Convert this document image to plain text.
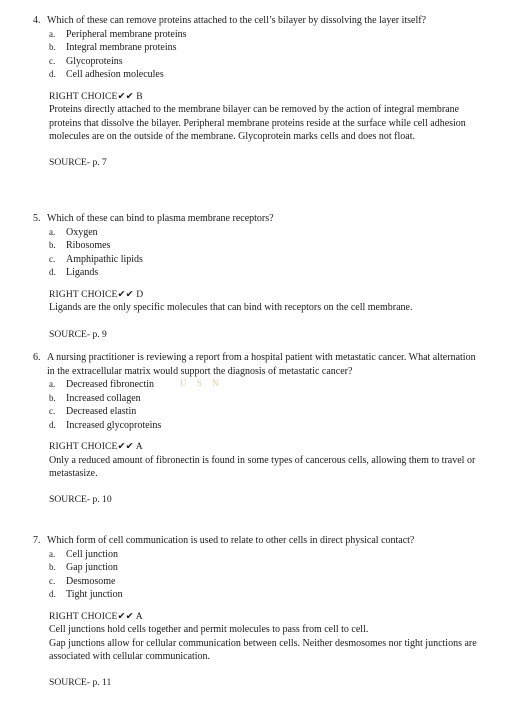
4. Which of these can remove proteins attached to the cell’s bilayer by dissolving the layer itself?
a. Peripheral membrane proteins
b. Integral membrane proteins
c. Glycoproteins
d. Cell adhesion molecules
RIGHT CHOICE✔✔ B
Proteins directly attached to the membrane bilayer can be removed by the action of integral membrane proteins that dissolve the bilayer. Peripheral membrane proteins reside at the surface while cell adhesion molecules are on the outside of the membrane. Glycoprotein marks cells and does not float.
SOURCE- p. 7
5. Which of these can bind to plasma membrane receptors?
a. Oxygen
b. Ribosomes
c. Amphipathic lipids
d. Ligands
RIGHT CHOICE✔✔ D
Ligands are the only specific molecules that can bind with receptors on the cell membrane.
SOURCE- p. 9
6. A nursing practitioner is reviewing a report from a hospital patient with metastatic cancer. What alternation in the extracellular matrix would support the diagnosis of metastatic cancer?
a. Decreased fibronectin
b. Increased collagen
c. Decreased elastin
d. Increased glycoproteins
RIGHT CHOICE✔✔ A
Only a reduced amount of fibronectin is found in some types of cancerous cells, allowing them to travel or metastasize.
SOURCE- p. 10
U S N
7. Which form of cell communication is used to relate to other cells in direct physical contact?
a. Cell junction
b. Gap junction
c. Desmosome
d. Tight junction
RIGHT CHOICE✔✔ A
Cell junctions hold cells together and permit molecules to pass from cell to cell.
Gap junctions allow for cellular communication between cells. Neither desmosomes nor tight junctions are associated with cellular communication.
SOURCE- p. 11
